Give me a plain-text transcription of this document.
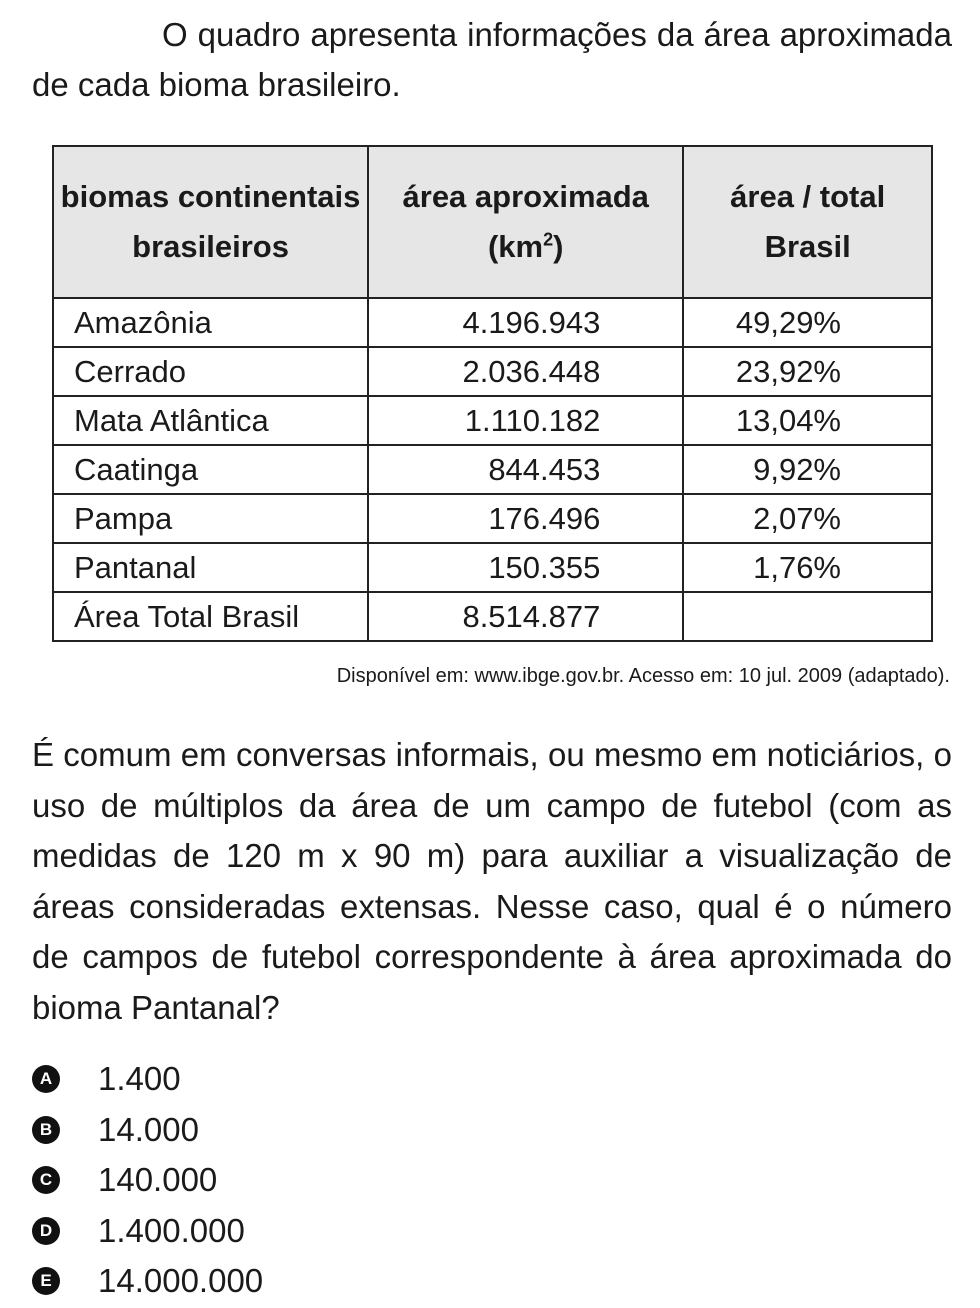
O quadro apresenta informações da área aproximada de cada bioma brasileiro.

biomas continentais brasileiros	área aproximada $(km^2)$	área / total Brasil

Amazônia	4.196.943	49,29%
Cerrado	2.036.448	23,92%
Mata Atlântica	1.110.182	13,04%
Caatinga	844.453	9,92%
Pampa	176.496	2,07%
Pantanal	150.355	1,76%
Área Total Brasil	8.514.877	

Disponível em: www.ibge.gov.br. Acesso em: 10 jul. 2009 (adaptado).

É comum em conversas informais, ou mesmo em noticiários, o uso de múltiplos da área de um campo de futebol (com as medidas de 120 m x 90 m) para auxiliar a visualização de áreas consideradas extensas. Nesse caso, qual é o número de campos de futebol correspondente à área aproximada do bioma Pantanal?

A 1.400
B 14.000
C 140.000
D 1.400.000
E 14.000.000
